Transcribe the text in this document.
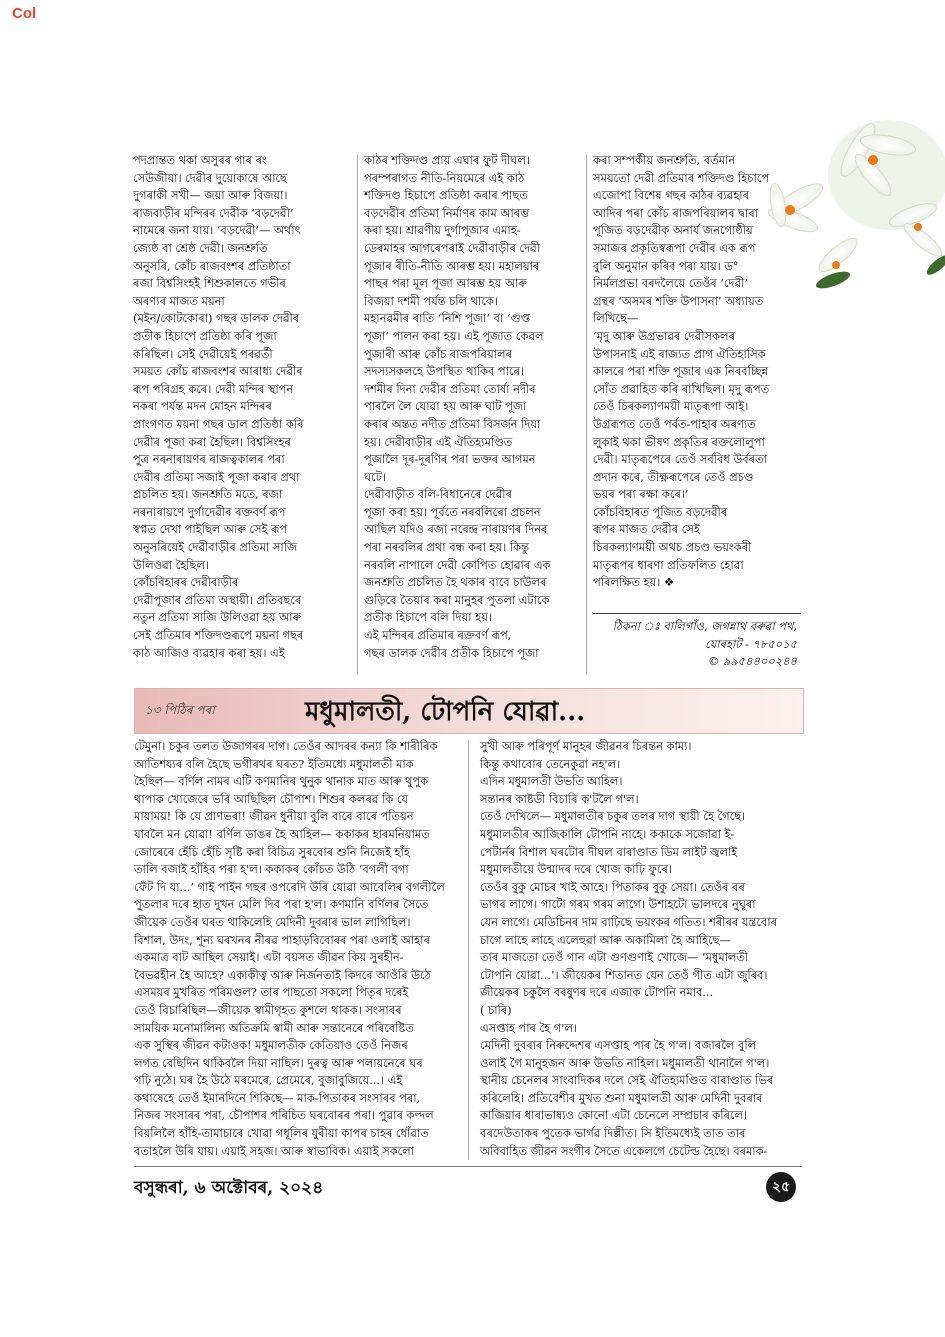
Col
পদপ্ৰান্তত থকা অসুৰৰ গাৰ ৰং
সেউজীয়া। দেৱীৰ দুয়োকাষে আছে
দুগৰাকী সখী— জয়া আৰু বিজয়া।
ৰাজবাড়ীৰ মন্দিৰৰ দেৱীক ‘বড়দেৱী’
নামেৰে জনা যায়। ‘বড়দেৱী’— অৰ্থাৎ
জ্যেষ্ঠ বা শ্ৰেষ্ঠ দেৱী। জনশ্ৰুতি
অনুসৰি, কোঁচ ৰাজবংশৰ প্ৰতিষ্ঠাতা
ৰজা বিশ্বসিংহই শিশুকালতে গভীৰ
অৰণ্যৰ মাজত ময়না
(মইন/কোটকোৰা) গছৰ ডালক দেৱীৰ
প্ৰতীক হিচাপে প্ৰতিষ্ঠা কৰি পূজা
কৰিছিল। সেই দেৱীয়েই পৰৱৰ্তী
সময়ত কোঁচ ৰাজবংশৰ আৰাধ্য দেৱীৰ
ৰূপ পৰিগ্ৰহ কৰে। দেৱী মন্দিৰ স্থাপন
নকৰা পৰ্যন্ত মদন মোহন মন্দিৰৰ
প্ৰাংগণত ময়না গছৰ ডাল প্ৰতিষ্ঠা কৰি
দেৱীৰ পূজা কৰা হৈছিল। বিশ্বসিংহৰ
পুত্ৰ নৰনাৰায়ণৰ ৰাজত্বকালৰ পৰা
দেৱীৰ প্ৰতিমা সজাই পূজা কৰাৰ প্ৰথা
প্ৰচলিত হয়। জনশ্ৰুতি মতে, ৰজা
নৰনাৰায়ণে দুৰ্গাদেৱীৰ ৰক্তবৰ্ণ ৰূপ
স্বপ্নত দেখা পাইছিল আৰু সেই ৰূপ
অনুসৰিয়েই দেৱীবাড়ীৰ প্ৰতিমা সাজি
উলিওৱা হৈছিল।
কোঁচবিহাৰৰ দেৱীবাড়ীৰ
দেৱীপূজাৰ প্ৰতিমা অস্থায়ী। প্ৰতিবছৰে
নতুন প্ৰতিমা সাজি উলিওৱা হয় আৰু
সেই প্ৰতিমাৰ শক্তিদণ্ডৰূপে ময়না গছৰ
কাঠ আজিও ব্যৱহাৰ কৰা হয়। এই
কাঠৰ শক্তিদণ্ড প্ৰায় এঘাৰ ফুট দীঘল।
পৰম্পৰাগত নীতি-নিয়মেৰে এই কাঠ
শক্তিদণ্ড হিচাপে প্ৰতিষ্ঠা কৰাৰ পাছত
বড়দেৱীৰ প্ৰতিমা নিৰ্মাণৰ কাম আৰম্ভ
কৰা হয়। শ্ৰাৱণীয় দুৰ্গাপূজাৰ এমাহ-
ডেৰমাহৰ আগৰেপৰাই দেৱীবাড়ীৰ দেৱী
পূজাৰ ৰীতি-নীতি আৰম্ভ হয়। মহালয়াৰ
পাছৰ পৰা মূল পূজা আৰম্ভ হয় আৰু
বিজয়া দশমী পৰ্যন্ত চলি থাকে।
মহানৱমীৰ ৰাতি ‘নিশি পূজা’ বা ‘গুপ্ত
পূজা’ পালন কৰা হয়। এই পূজাত কেৱল
পুজাৰী আৰু কোঁচ ৰাজপৰিয়ালৰ
সদস্যসকলহে উপস্থিত থাকিব পাৰে।
দশমীৰ দিনা দেৱীৰ প্ৰতিমা তোৰ্ষা নদীৰ
পাৰলৈ লৈ যোৱা হয় আৰু ঘাট পূজা
কৰাৰ অন্তত নদীত প্ৰতিমা বিসৰ্জন দিয়া
হয়। দেৱীবাড়ীৰ এই ঐতিহ্যমণ্ডিত
পূজালৈ দূৰ-দূৰণিৰ পৰা ভক্তৰ আগমন
ঘটে।
দেৱীবাড়ীত বলি-বিধানেৰে দেৱীৰ
পূজা কৰা হয়। পূৰ্বতে নৰবলিৰো প্ৰচলন
আছিল যদিও ৰজা নৰেন্দ্ৰ নাৰায়ণৰ দিনৰ
পৰা নৰবলিৰ প্ৰথা বন্ধ কৰা হয়। কিন্তু
নৰবলি নাপালে দেৱী কোপিত হোৱাৰ এক
জনশ্ৰুতি প্ৰচলিত হৈ থকাৰ বাবে চাউলৰ
গুড়িৰে তৈয়াৰ কৰা মানুহৰ পুতলা এটাকে
প্ৰতীক হিচাপে বলি দিয়া হয়।
এই মন্দিৰৰ প্ৰতিমাৰ ৰক্তবৰ্ণ ৰূপ,
গছৰ ডালক দেৱীৰ প্ৰতীক হিচাপে পূজা
কৰা সম্পৰ্কীয় জনশ্ৰুতি, বৰ্তমান
সময়তো দেৱী প্ৰতিমাৰ শক্তিদণ্ড হিচাপে
এজোপা বিশেষ গছৰ কাঠৰ ব্যৱহাৰ
আদিৰ পৰা কোঁচ ৰাজপৰিয়ালৰ দ্বাৰা
পূজিত বড়দেৱীক অনাৰ্য জনগোষ্ঠীয়
সমাজৰ প্ৰকৃতিস্বৰূপা দেৱীৰ এক ৰূপ
বুলি অনুমান কৰিব পৰা যায়। ড°
নিৰ্মলপ্ৰভা বৰদলৈয়ে তেওঁৰ ‘দেৱী’
গ্ৰন্থৰ ‘অসমৰ শক্তি উপাসনা’ অধ্যায়ত
লিখিছে—
‘মৃদু আৰু উগ্ৰভাৱৰ দেৱীসকলৰ
উপাসনাই এই ৰাজ্যত প্ৰাগ ঐতিহাসিক
কালৰে পৰা শক্তি পূজাৰ এক নিৰবচ্ছিন্ন
সোঁত প্ৰৱাহিত কৰি ৰাখিছিল। মৃদু ৰূপত
তেওঁ চিৰকল্যাণময়ী মাতৃৰূপা আই।
উগ্ৰৰূপত তেওঁ পৰ্বত-পাহাৰ অৰণ্যত
লুকাই থকা ভীষণ প্ৰকৃতিৰ ৰক্তলোলুপা
দেৱী। মাতৃৰূপেৰে তেওঁ সৰ্ববিধ উৰ্বৰতা
প্ৰদান কৰে, তীক্ষ্ণৰূপেৰে তেওঁ প্ৰচণ্ড
ভয়ৰ পৰা ৰক্ষা কৰে।’
কোঁচবিহাৰত পূজিত বড়দেৱীৰ
ৰূপৰ মাজত দেৱীৰ সেই
চিৰকল্যাণময়ী অথচ প্ৰচণ্ড ভয়ংকৰী
মাতৃৰূপৰ ধাৰণা প্ৰতিফলিত হোৱা
পৰিলক্ষিত হয়। ❖
ঠিকনা ঃ বালিগাঁও, জগন্নাথ বৰুৱা পথ,
যোৰহাট - ৭৮৫০১৫
© ৯৯৫৪৪০০২৪৪
১৩ পিঠিৰ পৰা	মধুমালতী, টোপনি যোৱা...
টেমুনা। চকুৰ তলত উজাগৰৰ দাগ। তেওঁৰ আদৰৰ কন্যা কি শাৰীৰিক
আতিশয্যৰ বলি হৈছে ভগীৰথৰ ঘৰত? ইতিমধ্যে মধুমালতী মাক
হৈছিল— বৰ্ণিল নামৰ এটি কণমানিৰ থুনুক থানাক মাত আৰু থুপুক
থাপাক খোজেৰে ভৰি আছিছিল চৌপাশ। শিশুৰ কলৰৱ কি যে
মায়াময়! কি যে প্ৰাণভৰা! জীৱন ধুনীয়া বুলি বাৰে বাৰে পতিয়ন
যাবলৈ মন যোৱা! বৰ্ণিল ডাঙৰ হৈ আহিল— ককাকৰ হাৰমনিয়ামত
জোৰেৰে হেঁচি হেঁচি সৃষ্টি কৰা বিচিত্ৰ সুৰবোৰ শুনি নিজেই হাঁহ
তালি বজাই হাঁহিব পৰা হ'ল। ককাকৰ কোঁচত উঠি ‘বগলী বগা
ফেঁট দি যা...’ গাই পাইন গছৰ ওপৰেদি উৰি যোৱা আবেলিৰ বগলীলৈ
পুতলাৰ দৰে হাত দুখন মেলি দিব পৰা হ'ল। কণমানি বৰ্ণিলৰ সৈতে
জীয়েক তেওঁৰ ঘৰত থাকিলেহি মেদিনী দুবৰাৰ ভাল লাগিছিল।
বিশাল, উদং, শূন্য ঘৰখনৰ নীৰৱ পাহাড়বিবোৰৰ পৰা ওলাই আহাৰ
একমাত্ৰ বাট আছিল সেয়াই। এটা বয়সত জীৱন কিয় সুৰহীন-
বৈভৱহীন হৈ আহে? একাকীত্ব আৰু নিৰ্জনতাই কিদৰে আওঁৰি উঠে
এসময়ৰ মুখৰিত পৰিমণ্ডল? তাৰ পাছতো সকলো পিতৃৰ দৰেই
তেওঁ বিচাৰিছিল—জীয়েক স্বামীগৃহত কুশলে থাকক। সংসাৰৰ
সাময়িক মনোমালিন্য অতিক্ৰমি স্বামী আৰু সন্তানেৰে পৰিবেষ্টিত
এক সুস্থিৰ জীৱন কটাওক! মধুমালতীক কেতিয়াও তেওঁ নিজৰ
লগত বেছিদিন থাকিবলৈ দিয়া নাছিল। দুৰত্ব আৰু পলায়নেৰে ঘৰ
গঢ়ি নুঠে। ঘৰ হৈ উঠে মৰমেৰে, প্ৰেমেৰে, বুজাবুজিয়ে...। এই
কথাষেহে তেওঁ ইমানদিনে শিকিছে— মাক-পিতাকৰ সংসাৰৰ পৰা,
নিজৰ সংসাৰৰ পৰা, চৌপাশৰ পৰিচিত ঘৰবোৰৰ পৰা। পুৱাৰ কল্দল
বিয়লিলৈ হাঁহি-তামাচাৰে খোৱা গধূলিৰ যুৰীয়া কাপৰ চাহৰ ধোঁৱাত
বতাহলৈ উৰি যায়। এয়াই সহজ। আৰু স্বাভাবিক। এয়াই সকলো
সুখী আৰু পৰিপূৰ্ণ মানুহৰ জীৱনৰ চিৰন্তন কাম্য।
কিন্তু কথাবোৰ তেনেকুৱা নহ'ল।
এদিন মধুমালতী উভতি আহিল।
সন্তানৰ কাষ্টডী বিচাৰি ক'টলৈ গ'ল।
তেওঁ দেখিলে— মধুমালতীৰ চকুৰ তলৰ দাগ স্থায়ী হৈ গৈছে।
মধুমালতীৰ আজিকালি টোপনি নাহে। ককাকে সজোৱা ই-
পেটাৰ্নৰ বিশাল ঘৰটোৰ দীঘল বাৰাণ্ডাত ডিম লাইট জ্বলাই
মধুমালতীয়ে উন্মাদৰ দৰে খোজ কাঢ়ি ফুৰে।
তেওঁৰ বুকু মোচৰ খাই আহে। পিতাকৰ বুকু সেয়া। তেওঁৰ বৰ
ভাগৰ লাগে। গাটো গৰম গৰম লাগে। উশাহটো ভালদৰে নুঘূৰা
যেন লাগে। মেডিচিনৰ দাম বাঢ়িছে ভয়ংকৰ গতিত। শৰীৰৰ যন্ত্ৰবোৰ
চাগে লাহে লাহে এলেহুৱা আৰু অকামিলা হৈ আহিছে—
তাৰ মাজতো তেওঁ গান এটা গুণগুণাই খোজে— ‘মধুমালতী
টোপনি যোৱা...’। জীয়েকৰ শিতানত যেন তেওঁ গীত এটা জুৰিব।
জীয়েকৰ চকুলৈ বৰষুণৰ দৰে এজাক টোপনি নমাব...
( চাৰি)
এসপ্তাহ পাৰ হৈ গ'ল।
মেদিনী দুবৰাৰ নিৰুদ্দেশৰ এসপ্তাহ পাৰ হৈ গ'ল। বজাৰলৈ বুলি
ওলাই গৈ মানুহজন আৰু উভতি নাহিল। মধুমালতী থানালৈ গ'ল।
স্থানীয় চেনেলৰ সাংবাদিকৰ দলে সেই ঐতিহ্যমণ্ডিত বাৰাণ্ডাত ভিৰ
কৰিলেহি। প্ৰতিবেশীৰ মুখত শুনা মধুমালতী আৰু মেদিনী দুবৰাৰ
কাজিয়াৰ ধাৰাভাষ্যও কোনো এটা চেনেলে সম্প্ৰচাৰ কৰিলে।
বৰদেউতাকৰ পুতেক ভাৰ্গৱ দিল্লীত। সি ইতিমধ্যেই তাত তাৰ
অবিবাহিত জীৱন সংগীৰ সৈতে একেলগে চেটেল্ড হৈছে। বৰমাক-
বসুন্ধৰা, ৬ অক্টোবৰ, ২০২৪	২৫
